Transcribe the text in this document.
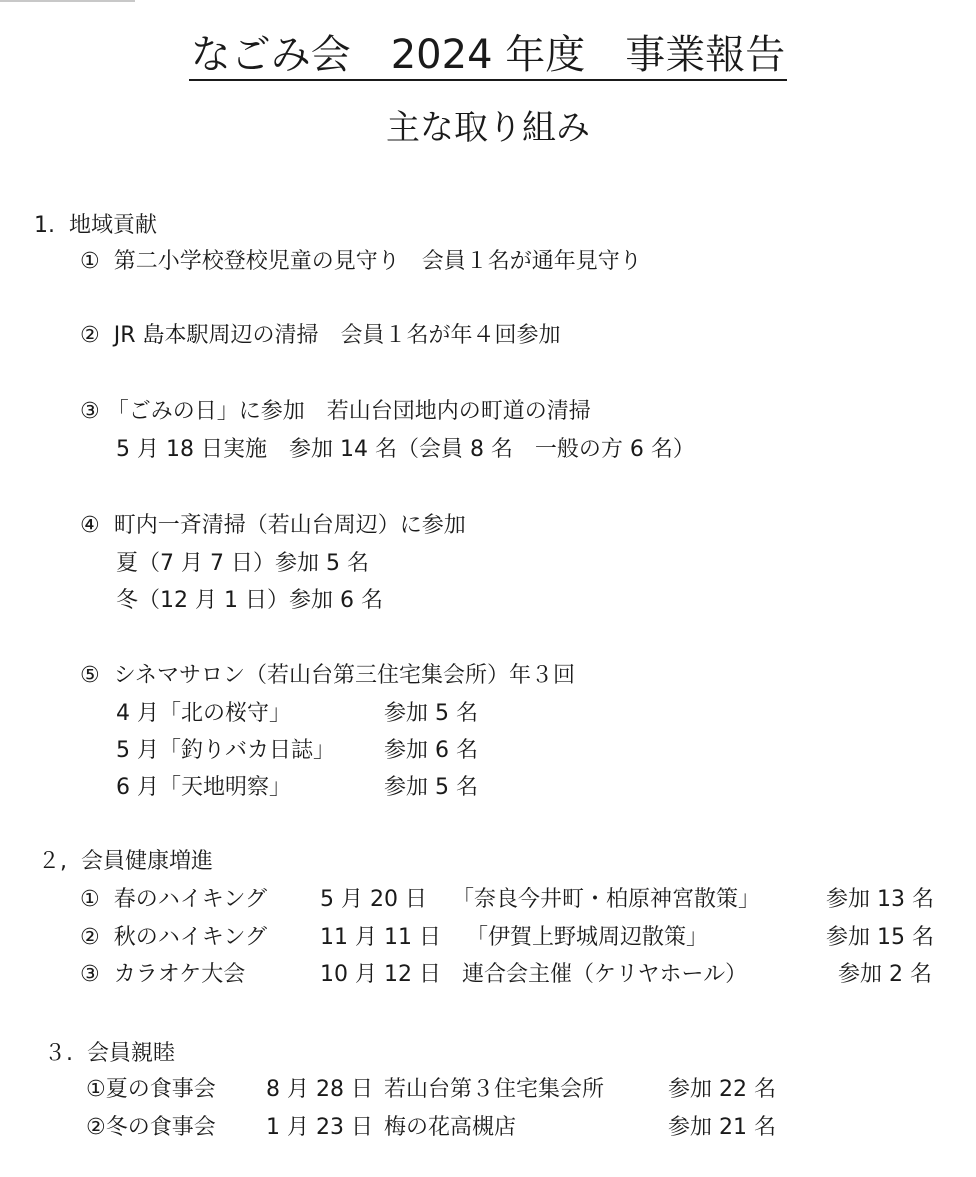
なごみ会　2024 年度　事業報告
主な取り組み
1.  地域貢献
①  第二小学校登校児童の見守り　会員１名が通年見守り
②  JR 島本駅周辺の清掃　会員１名が年４回参加
③ 「ごみの日」に参加　若山台団地内の町道の清掃
5 月 18 日実施　参加 14 名（会員 8 名　一般の方 6 名）
④  町内一斉清掃（若山台周辺）に参加
夏（7 月 7 日）参加 5 名
冬（12 月 1 日）参加 6 名
⑤  シネマサロン（若山台第三住宅集会所）年３回
4 月「北の桜守」	参加 5 名
5 月「釣りバカ日誌」 参加 6 名
6 月「天地明察」	参加 5 名
２,  会員健康増進
①  春のハイキング 5 月 20 日 「奈良今井町・柏原神宮散策」	参加 13 名
②  秋のハイキング 11 月 11 日 「伊賀上野城周辺散策」	参加 15 名
③  カラオケ大会	10 月 12 日 連合会主催（ケリヤホール）	参加 2 名
３.  会員親睦
①夏の食事会 8 月 28 日 若山台第３住宅集会所	参加 22 名
②冬の食事会 1 月 23 日 梅の花高槻店	参加 21 名
